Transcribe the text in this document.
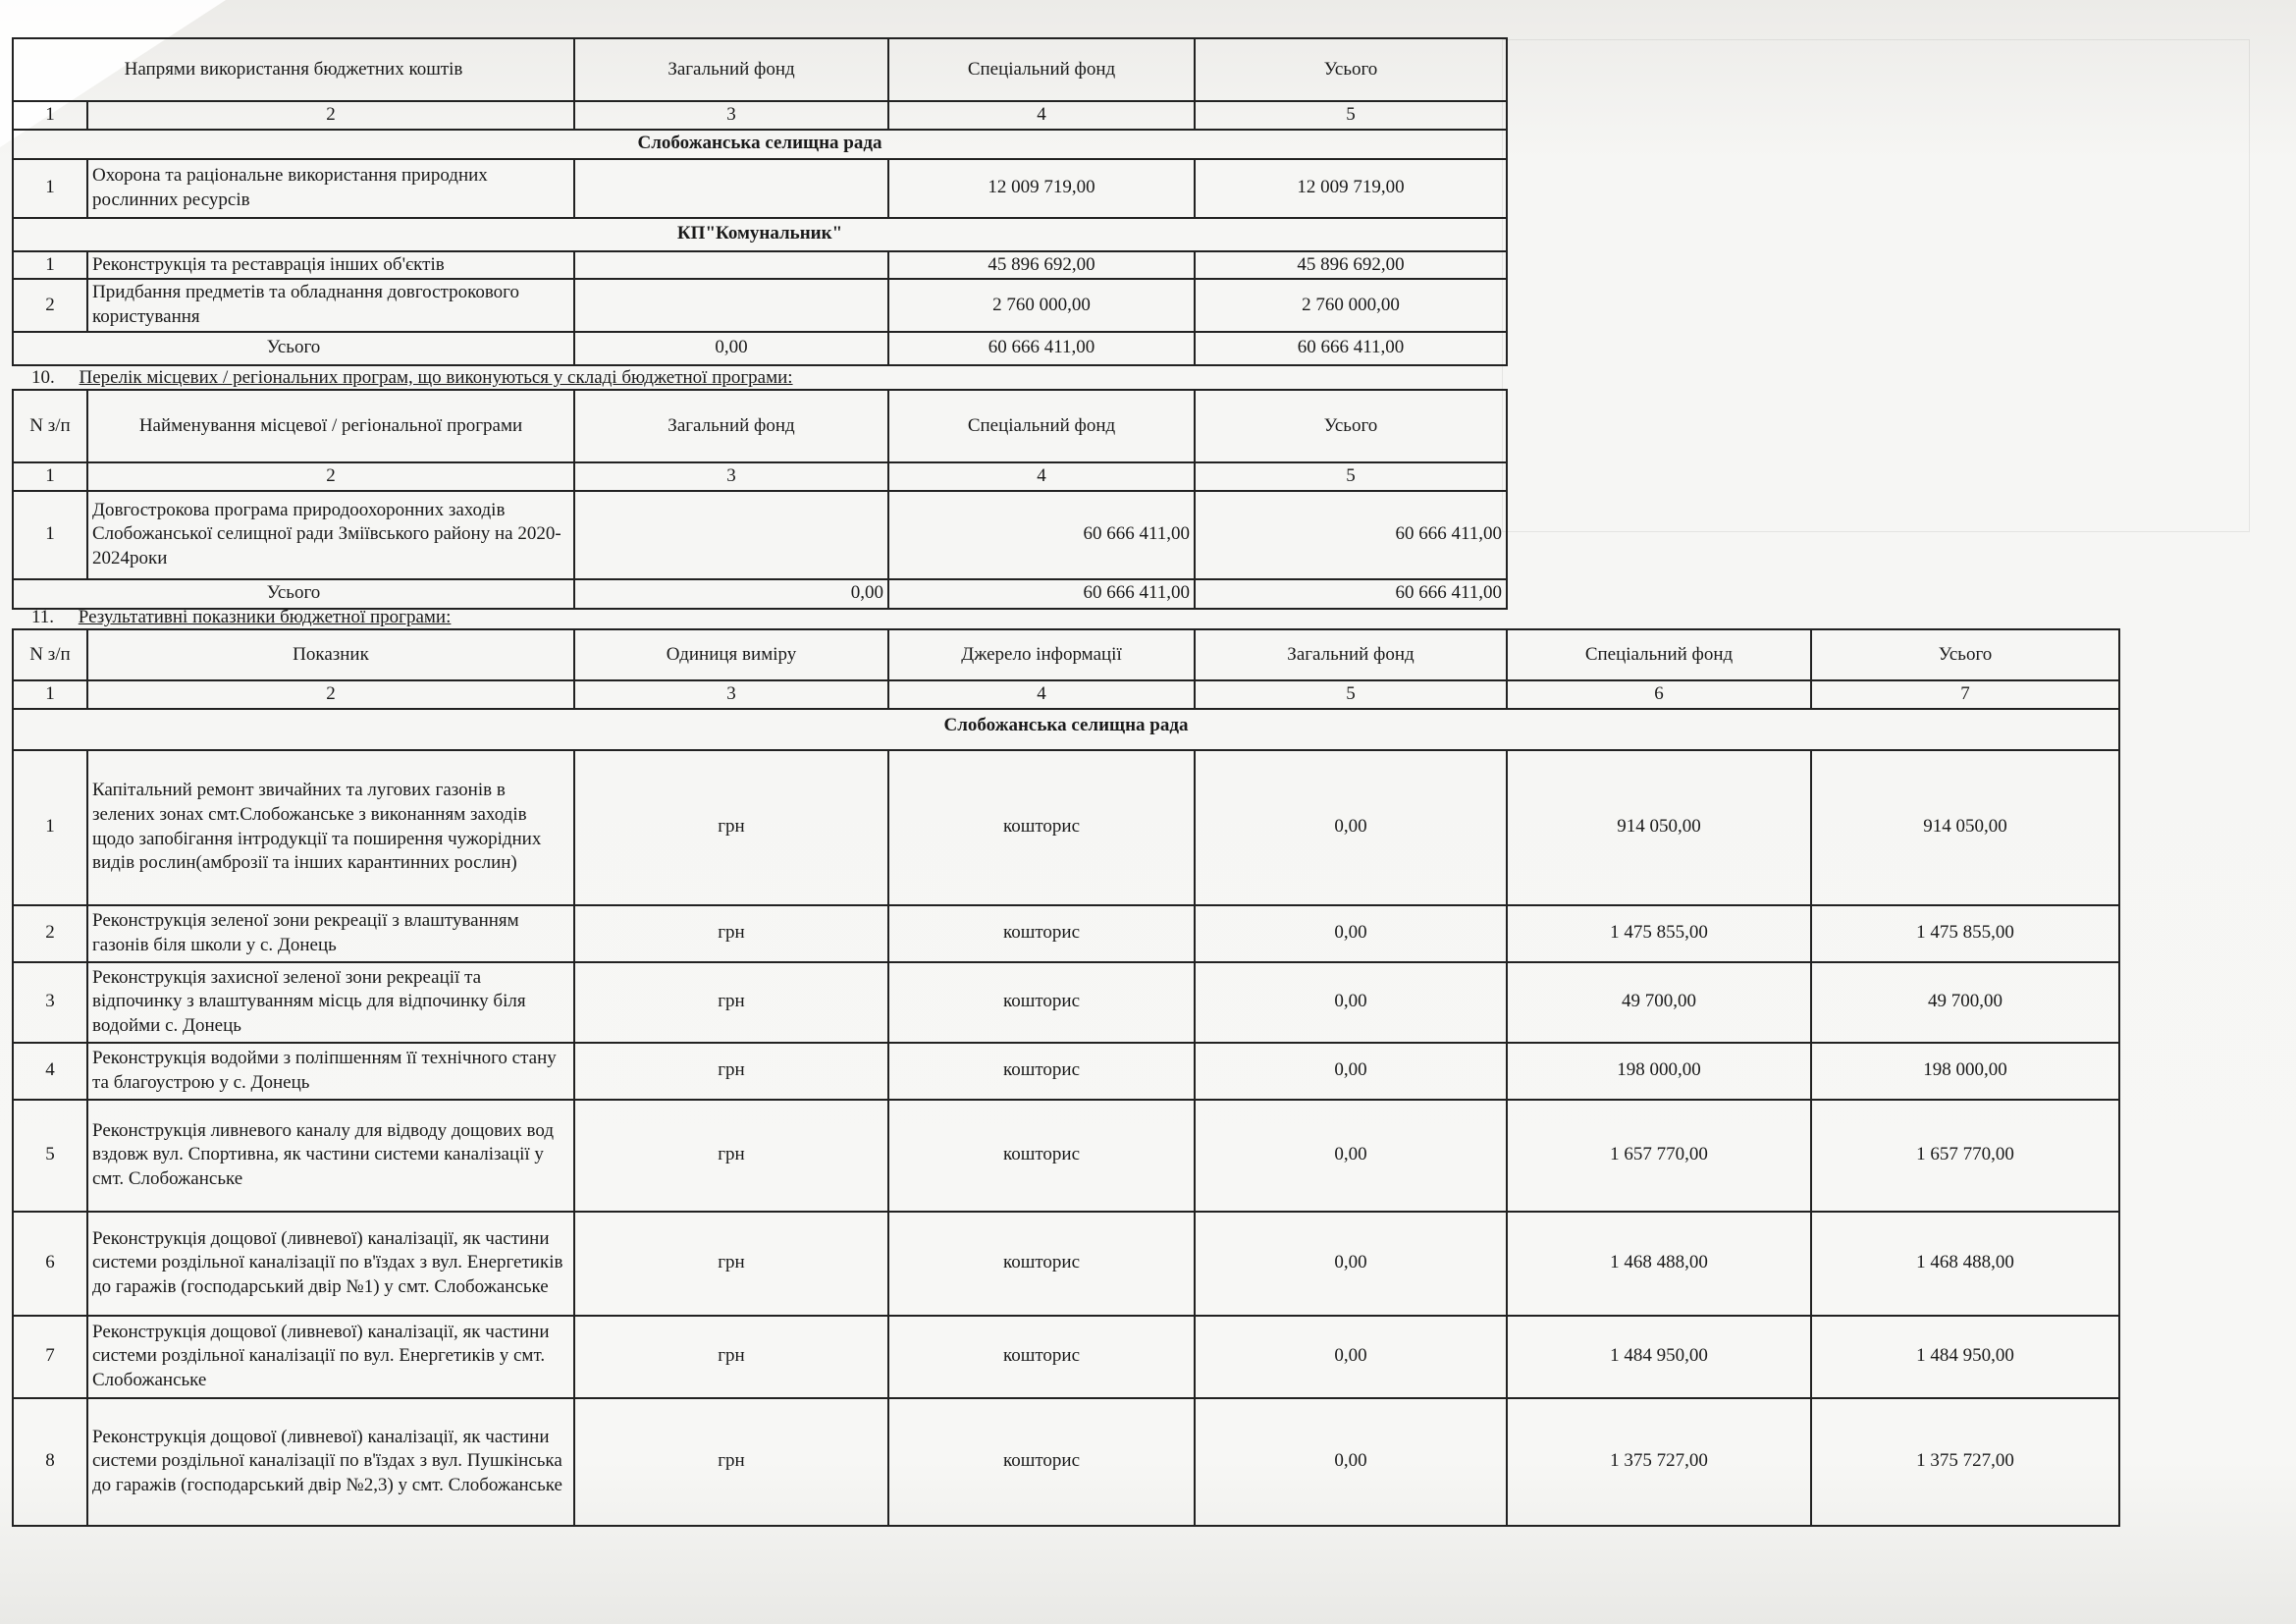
Напрями використання бюджетних коштів		Загальний фонд	Спеціальний фонд	Усього
1	2	3	4	5
Слобожанська селищна рада				
1	Охорона та раціональне використання природних рослинних ресурсів		12 009 719,00	12 009 719,00
КП"Комунальник"				
1	Реконструкція та реставрація інших об'єктів		45 896 692,00	45 896 692,00
2	Придбання предметів та обладнання довгострокового користування		2 760 000,00	2 760 000,00
Усього		0,00	60 666 411,00	60 666 411,00
10. Перелік місцевих / регіональних програм, що виконуються у складі бюджетної програми:
N з/п	Найменування місцевої / регіональної програми	Загальний фонд	Спеціальний фонд	Усього
1	2	3	4	5
1	Довгострокова програма природоохоронних заходів Слобожанської селищної ради Зміївського району на 2020-2024роки		60 666 411,00	60 666 411,00
Усього		0,00	60 666 411,00	60 666 411,00
11. Результативні показники бюджетної програми:
N з/п	Показник	Одиниця виміру	Джерело інформації	Загальний фонд	Спеціальний фонд	Усього
1	2	3	4	5	6	7
Слобожанська селищна рада						
1	Капітальний ремонт звичайних та лугових газонів в зелених зонах смт.Слобожанське з виконанням заходів щодо запобігання інтродукції та поширення чужорідних видів рослин(амброзії та інших карантинних рослин)	грн	кошторис	0,00	914 050,00	914 050,00
2	Реконструкція зеленої зони рекреації з влаштуванням газонів біля школи у с. Донець	грн	кошторис	0,00	1 475 855,00	1 475 855,00
3	Реконструкція захисної зеленої зони рекреації та відпочинку з влаштуванням місць для відпочинку біля водойми с. Донець	грн	кошторис	0,00	49 700,00	49 700,00
4	Реконструкція водойми з поліпшенням її технічного стану та благоустрою у с. Донець	грн	кошторис	0,00	198 000,00	198 000,00
5	Реконструкція ливневого каналу для відводу дощових вод вздовж вул. Спортивна, як частини системи каналізації у смт. Слобожанське	грн	кошторис	0,00	1 657 770,00	1 657 770,00
6	Реконструкція дощової (ливневої) каналізації, як частини системи роздільної каналізації по в'їздах з вул. Енергетиків до гаражів (господарський двір №1) у смт. Слобожанське	грн	кошторис	0,00	1 468 488,00	1 468 488,00
7	Реконструкція дощової (ливневої) каналізації, як частини системи роздільної каналізації по вул. Енергетиків у смт. Слобожанське	грн	кошторис	0,00	1 484 950,00	1 484 950,00
8	Реконструкція дощової (ливневої) каналізації, як частини системи роздільної каналізації по в'їздах з вул. Пушкінська до гаражів (господарський двір №2,3) у смт. Слобожанське	грн	кошторис	0,00	1 375 727,00	1 375 727,00
